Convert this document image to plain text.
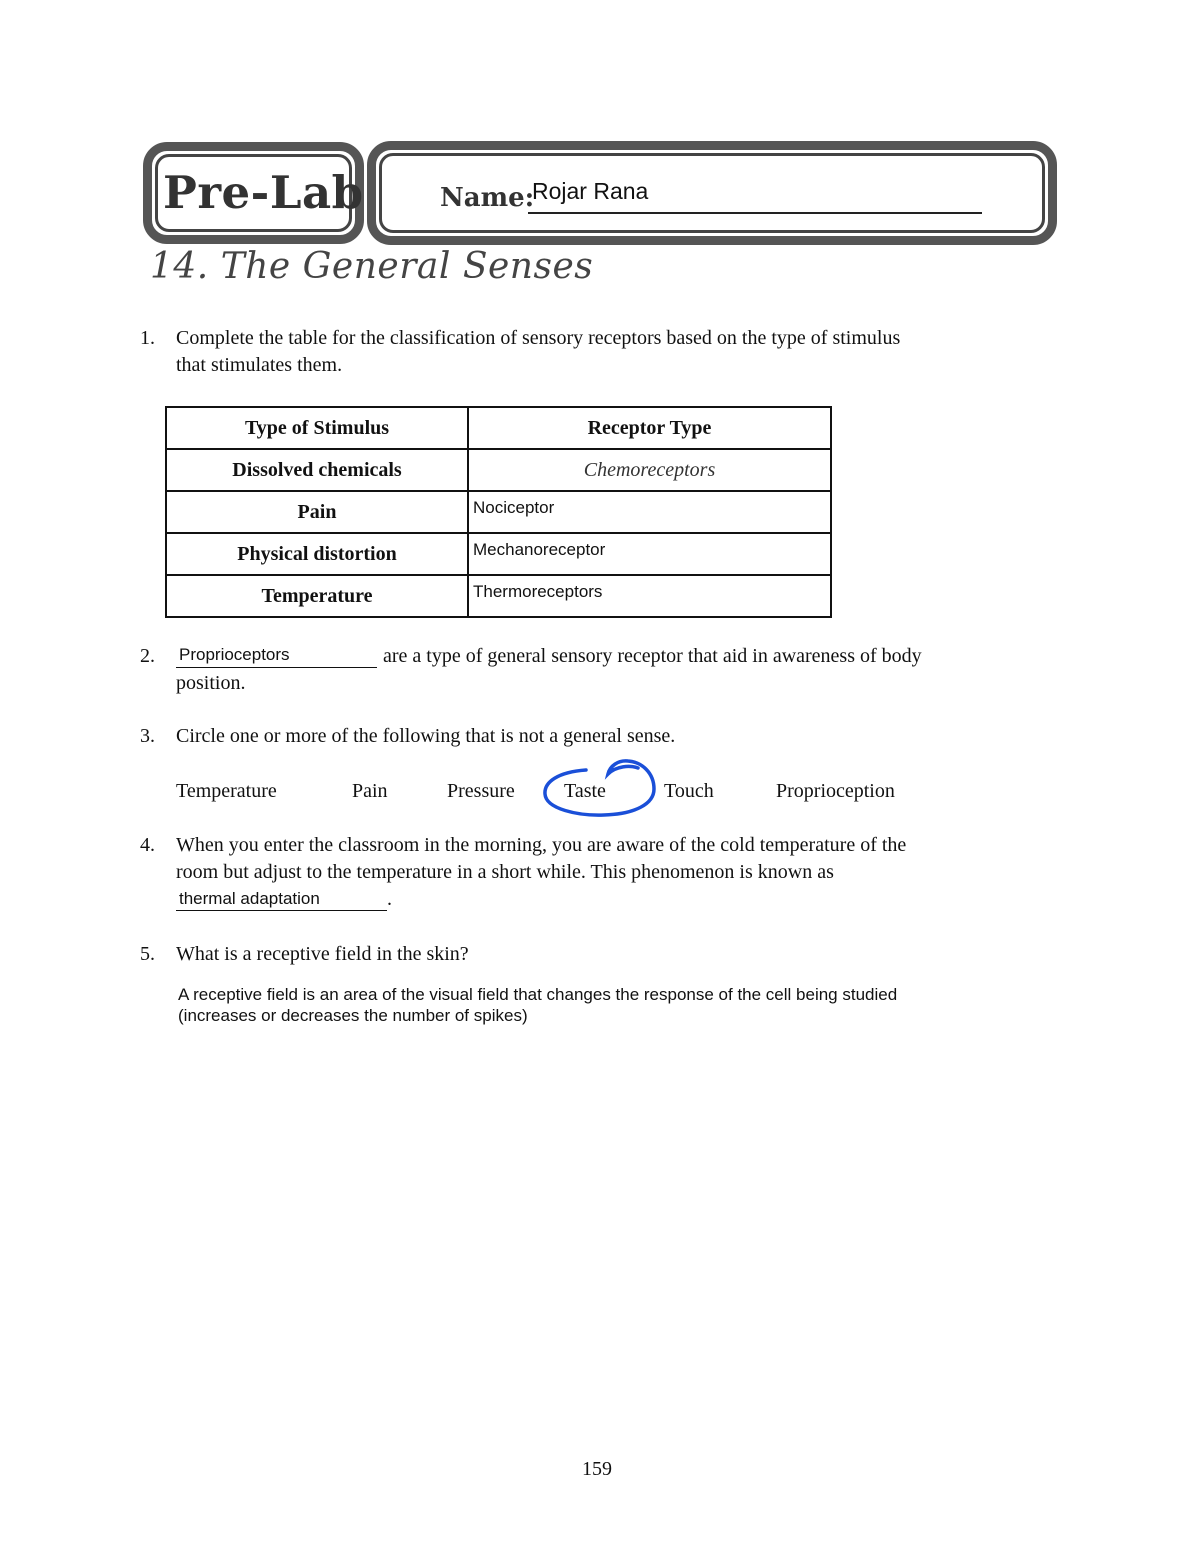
Pre-Lab	Name:
Rojar Rana
14. The General Senses
1. Complete the table for the classification of sensory receptors based on the type of stimulus
that stimulates them.
Type of Stimulus	Receptor Type
Dissolved chemicals	Chemoreceptors
Pain	Nociceptor
Physical distortion	Mechanoreceptor
Temperature	Thermoreceptors
2. Proprioceptors	are a type of general sensory receptor that aid in awareness of body
position.
3. Circle one or more of the following that is not a general sense.
Temperature	Pain	Pressure Taste	Touch	Proprioception
4. When you enter the classroom in the morning, you are aware of the cold temperature of the
room but adjust to the temperature in a short while. This phenomenon is known as
thermal adaptation	.
5. What is a receptive field in the skin?
A receptive field is an area of the visual field that changes the response of the cell being studied
(increases or decreases the number of spikes)
159
